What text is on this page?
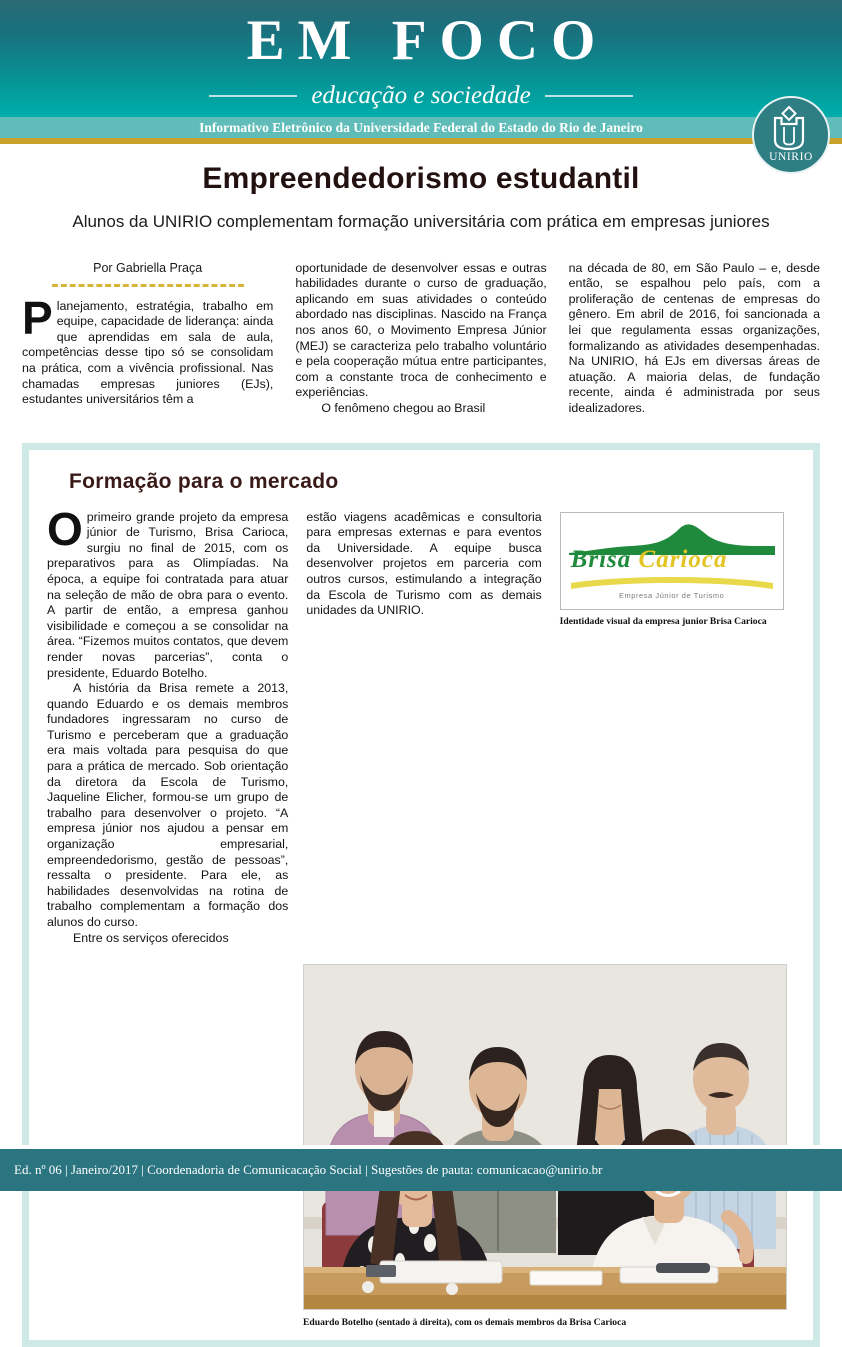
EM FOCO
educação e sociedade
Informativo Eletrônico da Universidade Federal do Estado do Rio de Janeiro
UNIRIO
Empreendedorismo estudantil
Alunos da UNIRIO complementam formação universitária com prática em empresas juniores
Por Gabriella Praça

Planejamento, estratégia, trabalho em equipe, capacidade de liderança: ainda que aprendidas em sala de aula, competências desse tipo só se consolidam na prática, com a vivência profissional. Nas chamadas empresas juniores (EJs), estudantes universitários têm a

oportunidade de desenvolver essas e outras habilidades durante o curso de graduação, aplicando em suas atividades o conteúdo abordado nas disciplinas. Nascido na França nos anos 60, o Movimento Empresa Júnior (MEJ) se caracteriza pelo trabalho voluntário e pela cooperação mútua entre participantes, com a constante troca de conhecimento e experiências.

O fenômeno chegou ao Brasil

na década de 80, em São Paulo – e, desde então, se espalhou pelo país, com a proliferação de centenas de empresas do gênero. Em abril de 2016, foi sancionada a lei que regulamenta essas organizações, formalizando as atividades desempenhadas. Na UNIRIO, há EJs em diversas áreas de atuação. A maioria delas, de fundação recente, ainda é administrada por seus idealizadores.

Formação para o mercado

Oprimeiro grande projeto da empresa júnior de Turismo, Brisa Carioca, surgiu no final de 2015, com os preparativos para as Olimpíadas. Na época, a equipe foi contratada para atuar na seleção de mão de obra para o evento. A partir de então, a empresa ganhou visibilidade e começou a se consolidar na área. “Fizemos muitos contatos, que devem render novas parcerias”, conta o presidente, Eduardo Botelho.

A história da Brisa remete a 2013, quando Eduardo e os demais membros fundadores ingressaram no curso de Turismo e perceberam que a graduação era mais voltada para pesquisa do que para a prática de mercado. Sob orientação da diretora da Escola de Turismo, Jaqueline Elicher, formou-se um grupo de trabalho para desenvolver o projeto. “A empresa júnior nos ajudou a pensar em organização empresarial, empreendedorismo, gestão de pessoas”, ressalta o presidente. Para ele, as habilidades desenvolvidas na rotina de trabalho complementam a formação dos alunos do curso.

Entre os serviços oferecidos

estão viagens acadêmicas e consultoria para empresas externas e para eventos da Universidade. A equipe busca desenvolver projetos em parceria com outros cursos, estimulando a integração da Escola de Turismo com as demais unidades da UNIRIO.

Brisa Carioca
Empresa Júnior de Turismo
Identidade visual da empresa junior Brisa Carioca
Eduardo Botelho (sentado à direita), com os demais membros da Brisa Carioca
Ed. nº 06 | Janeiro/2017 | Coordenadoria de Comunicacação Social | Sugestões de pauta: comunicacao@unirio.br
